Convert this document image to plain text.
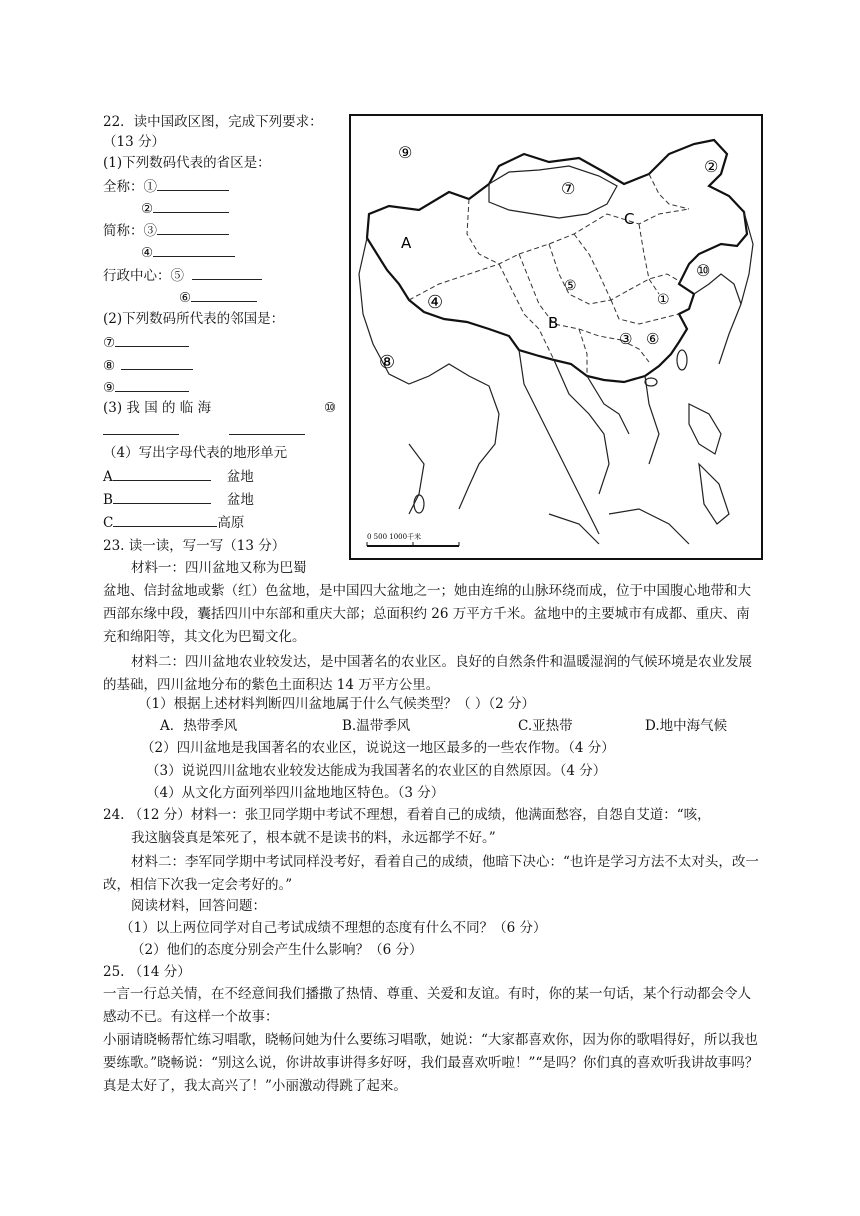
22．读中国政区图，完成下列要求：
（13 分）
(1)下列数码代表的省区是：
全称：①
②
简称：③
④
行政中心：⑤
⑥
(2)下列数码所代表的邻国是：
⑦
⑧
⑨
(3) 我 国 的 临 海	⑩
（4）写出字母代表的地形单元
A	盆地
B	盆地
C	高原
0 500 1000千米
⑨
⑦
②
C
A
⑩
⑤
④	①
B
③ ⑥
⑧
23. 读一读，写一写（13 分）
材料一：四川盆地又称为巴蜀
盆地、信封盆地或紫（红）色盆地，是中国四大盆地之一；她由连绵的山脉环绕而成，位于中国腹心地带和大西部东缘中段，囊括四川中东部和重庆大部；总面积约 26 万平方千米。盆地中的主要城市有成都、重庆、南充和绵阳等，其文化为巴蜀文化。
材料二：四川盆地农业较发达，是中国著名的农业区。良好的自然条件和温暖湿润的气候环境是农业发展的基础，四川盆地分布的紫色土面积达 14 万平方公里。
（1）根据上述材料判断四川盆地属于什么气候类型？（ ）（2 分）
A．热带季风	B.温带季风	C.亚热带	D.地中海气候
（2）四川盆地是我国著名的农业区，说说这一地区最多的一些农作物。（4 分）
（3）说说四川盆地农业较发达能成为我国著名的农业区的自然原因。（4 分）
（4）从文化方面列举四川盆地地区特色。（3 分）
24. （12 分）材料一：张卫同学期中考试不理想，看着自己的成绩，他满面愁容，自怨自艾道：“咳，
我这脑袋真是笨死了，根本就不是读书的料，永远都学不好。”
材料二：李军同学期中考试同样没考好，看着自己的成绩，他暗下决心：“也许是学习方法不太对头，改一改，相信下次我一定会考好的。”
阅读材料，回答问题：
（1）以上两位同学对自己考试成绩不理想的态度有什么不同？（6 分）
（2）他们的态度分别会产生什么影响？（6 分）
25. （14 分）
一言一行总关情，在不经意间我们播撒了热情、尊重、关爱和友谊。有时，你的某一句话，某个行动都会令人感动不已。有这样一个故事：
小丽请晓畅帮忙练习唱歌，晓畅问她为什么要练习唱歌，她说：“大家都喜欢你，因为你的歌唱得好，所以我也要练歌。”晓畅说：“别这么说，你讲故事讲得多好呀，我们最喜欢听啦！”“是吗？你们真的喜欢听我讲故事吗？真是太好了，我太高兴了！”小丽激动得跳了起来。
